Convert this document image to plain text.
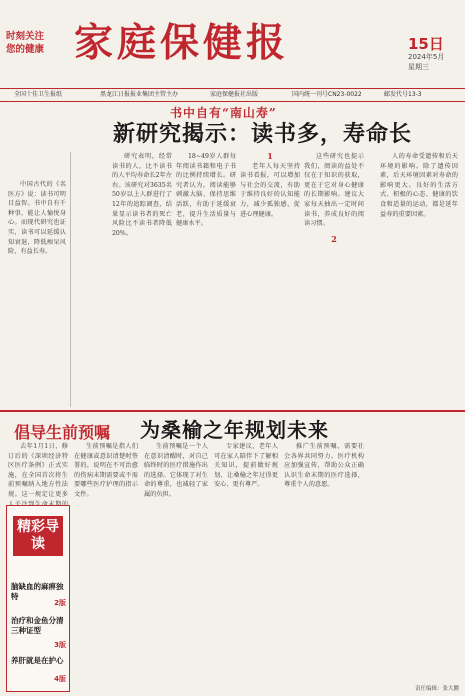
时刻关注
您的健康 家庭保健报	15日
2024年5月
星期三
全国十佳卫生报纸	黑龙江日报报业集团主管主办	家庭保健报社出版	国内统一刊号CN23-0022	邮发代号13-3
书中自有“南山寿”
新研究揭示：读书多，寿命长

中国古代的《名医方》说：读书可明目益智。书中自有千种事，能让人愉悦身心。而现代研究也证实，读书可以延缓认知衰退，降低痴呆风险，有益长寿。

研究表明，经常读书的人，比不读书的人平均寿命长2年左右。该研究对3635名50岁以上人群进行了12年的追踪调查，结果显示读书者的死亡风险比不读书者降低20%。

18~49岁人群每年阅读书籍和电子书的比例持续增长。研究者认为，阅读能够刺激大脑、保持思维活跃，有助于延缓衰老，提升生活质量与健康水平。

1

老年人每天坚持读书看报，可以增加与社会的交流，有助于维持良好的认知能力，减少孤独感，促进心理健康。

这些研究也提示我们，阅读的益处不仅在于知识的获取，更在于它对身心健康的长期影响。建议大家每天抽出一定时间读书，养成良好的阅读习惯。

2

人的寿命受遗传和后天环境的影响。除了遗传因素，后天环境因素对寿命的影响更大。良好的生活方式、积极的心态、健康的饮食和适量的运动，都是延年益寿的重要因素。

倡导生前预嘱 为桑榆之年规划未来

去年1月1日，修订后的《深圳经济特区医疗条例》正式实施，在全国首次将生前预嘱纳入地方性法规。这一规定让更多

生前预嘱是指人们在健康或意识清楚时签署的，说明在不可治愈的伤病末期需要或不需要哪些医疗护理的指示文件。

生前预嘱是一个人在意识清醒时，对自己临终时的医疗措施作出的选择。它体现了对生命的尊重，也减轻了家属的负担。

专家建议，老年人可在家人陪伴下了解相关知识，提前做好规划，让桑榆之年过得更安心、更有尊严。

推广生前预嘱，需要社会各界共同努力。医疗机构应加强宣传，帮助公众正确认识生命末期的医疗选择，尊重个人的意愿。

精彩导读
脑缺血的麻痹独特
2版
治疗和金鱼分清三种证型
3版
养肝就是在护心
4版
责任编辑：张大鹏
